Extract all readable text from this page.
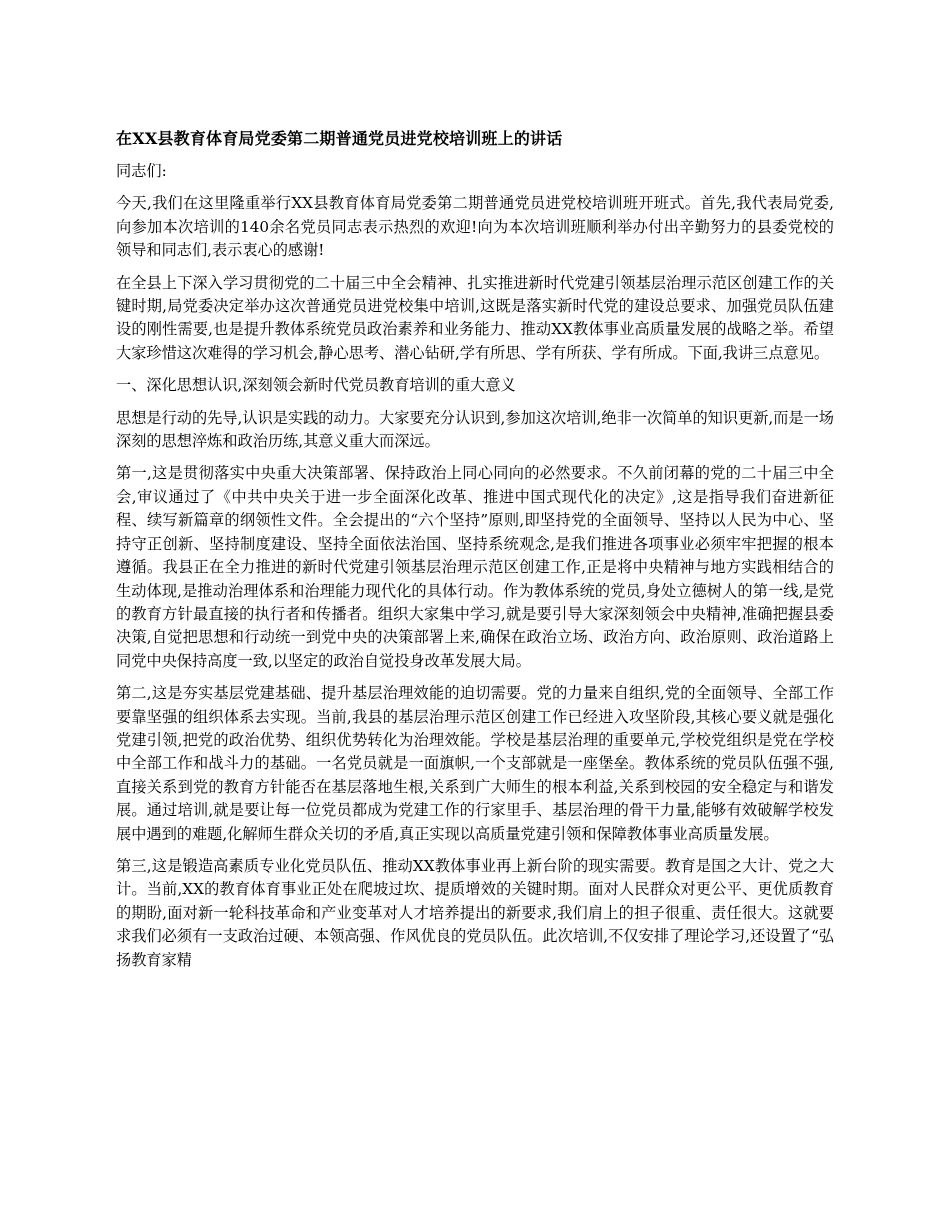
在XX县教育体育局党委第二期普通党员进党校培训班上的讲话
同志们:
今天,我们在这里隆重举行XX县教育体育局党委第二期普通党员进党校培训班开班式。首先,我代表局党委,向参加本次培训的140余名党员同志表示热烈的欢迎!向为本次培训班顺利举办付出辛勤努力的县委党校的领导和同志们,表示衷心的感谢!
在全县上下深入学习贯彻党的二十届三中全会精神、扎实推进新时代党建引领基层治理示范区创建工作的关键时期,局党委决定举办这次普通党员进党校集中培训,这既是落实新时代党的建设总要求、加强党员队伍建设的刚性需要,也是提升教体系统党员政治素养和业务能力、推动XX教体事业高质量发展的战略之举。希望大家珍惜这次难得的学习机会,静心思考、潜心钻研,学有所思、学有所获、学有所成。下面,我讲三点意见。
一、深化思想认识,深刻领会新时代党员教育培训的重大意义
思想是行动的先导,认识是实践的动力。大家要充分认识到,参加这次培训,绝非一次简单的知识更新,而是一场深刻的思想淬炼和政治历练,其意义重大而深远。
第一,这是贯彻落实中央重大决策部署、保持政治上同心同向的必然要求。不久前闭幕的党的二十届三中全会,审议通过了《中共中央关于进一步全面深化改革、推进中国式现代化的决定》,这是指导我们奋进新征程、续写新篇章的纲领性文件。全会提出的“六个坚持”原则,即坚持党的全面领导、坚持以人民为中心、坚持守正创新、坚持制度建设、坚持全面依法治国、坚持系统观念,是我们推进各项事业必须牢牢把握的根本遵循。我县正在全力推进的新时代党建引领基层治理示范区创建工作,正是将中央精神与地方实践相结合的生动体现,是推动治理体系和治理能力现代化的具体行动。作为教体系统的党员,身处立德树人的第一线,是党的教育方针最直接的执行者和传播者。组织大家集中学习,就是要引导大家深刻领会中央精神,准确把握县委决策,自觉把思想和行动统一到党中央的决策部署上来,确保在政治立场、政治方向、政治原则、政治道路上同党中央保持高度一致,以坚定的政治自觉投身改革发展大局。
第二,这是夯实基层党建基础、提升基层治理效能的迫切需要。党的力量来自组织,党的全面领导、全部工作要靠坚强的组织体系去实现。当前,我县的基层治理示范区创建工作已经进入攻坚阶段,其核心要义就是强化党建引领,把党的政治优势、组织优势转化为治理效能。学校是基层治理的重要单元,学校党组织是党在学校中全部工作和战斗力的基础。一名党员就是一面旗帜,一个支部就是一座堡垒。教体系统的党员队伍强不强,直接关系到党的教育方针能否在基层落地生根,关系到广大师生的根本利益,关系到校园的安全稳定与和谐发展。通过培训,就是要让每一位党员都成为党建工作的行家里手、基层治理的骨干力量,能够有效破解学校发展中遇到的难题,化解师生群众关切的矛盾,真正实现以高质量党建引领和保障教体事业高质量发展。
第三,这是锻造高素质专业化党员队伍、推动XX教体事业再上新台阶的现实需要。教育是国之大计、党之大计。当前,XX的教育体育事业正处在爬坡过坎、提质增效的关键时期。面对人民群众对更公平、更优质教育的期盼,面对新一轮科技革命和产业变革对人才培养提出的新要求,我们肩上的担子很重、责任很大。这就要求我们必须有一支政治过硬、本领高强、作风优良的党员队伍。此次培训,不仅安排了理论学习,还设置了“弘扬教育家精
